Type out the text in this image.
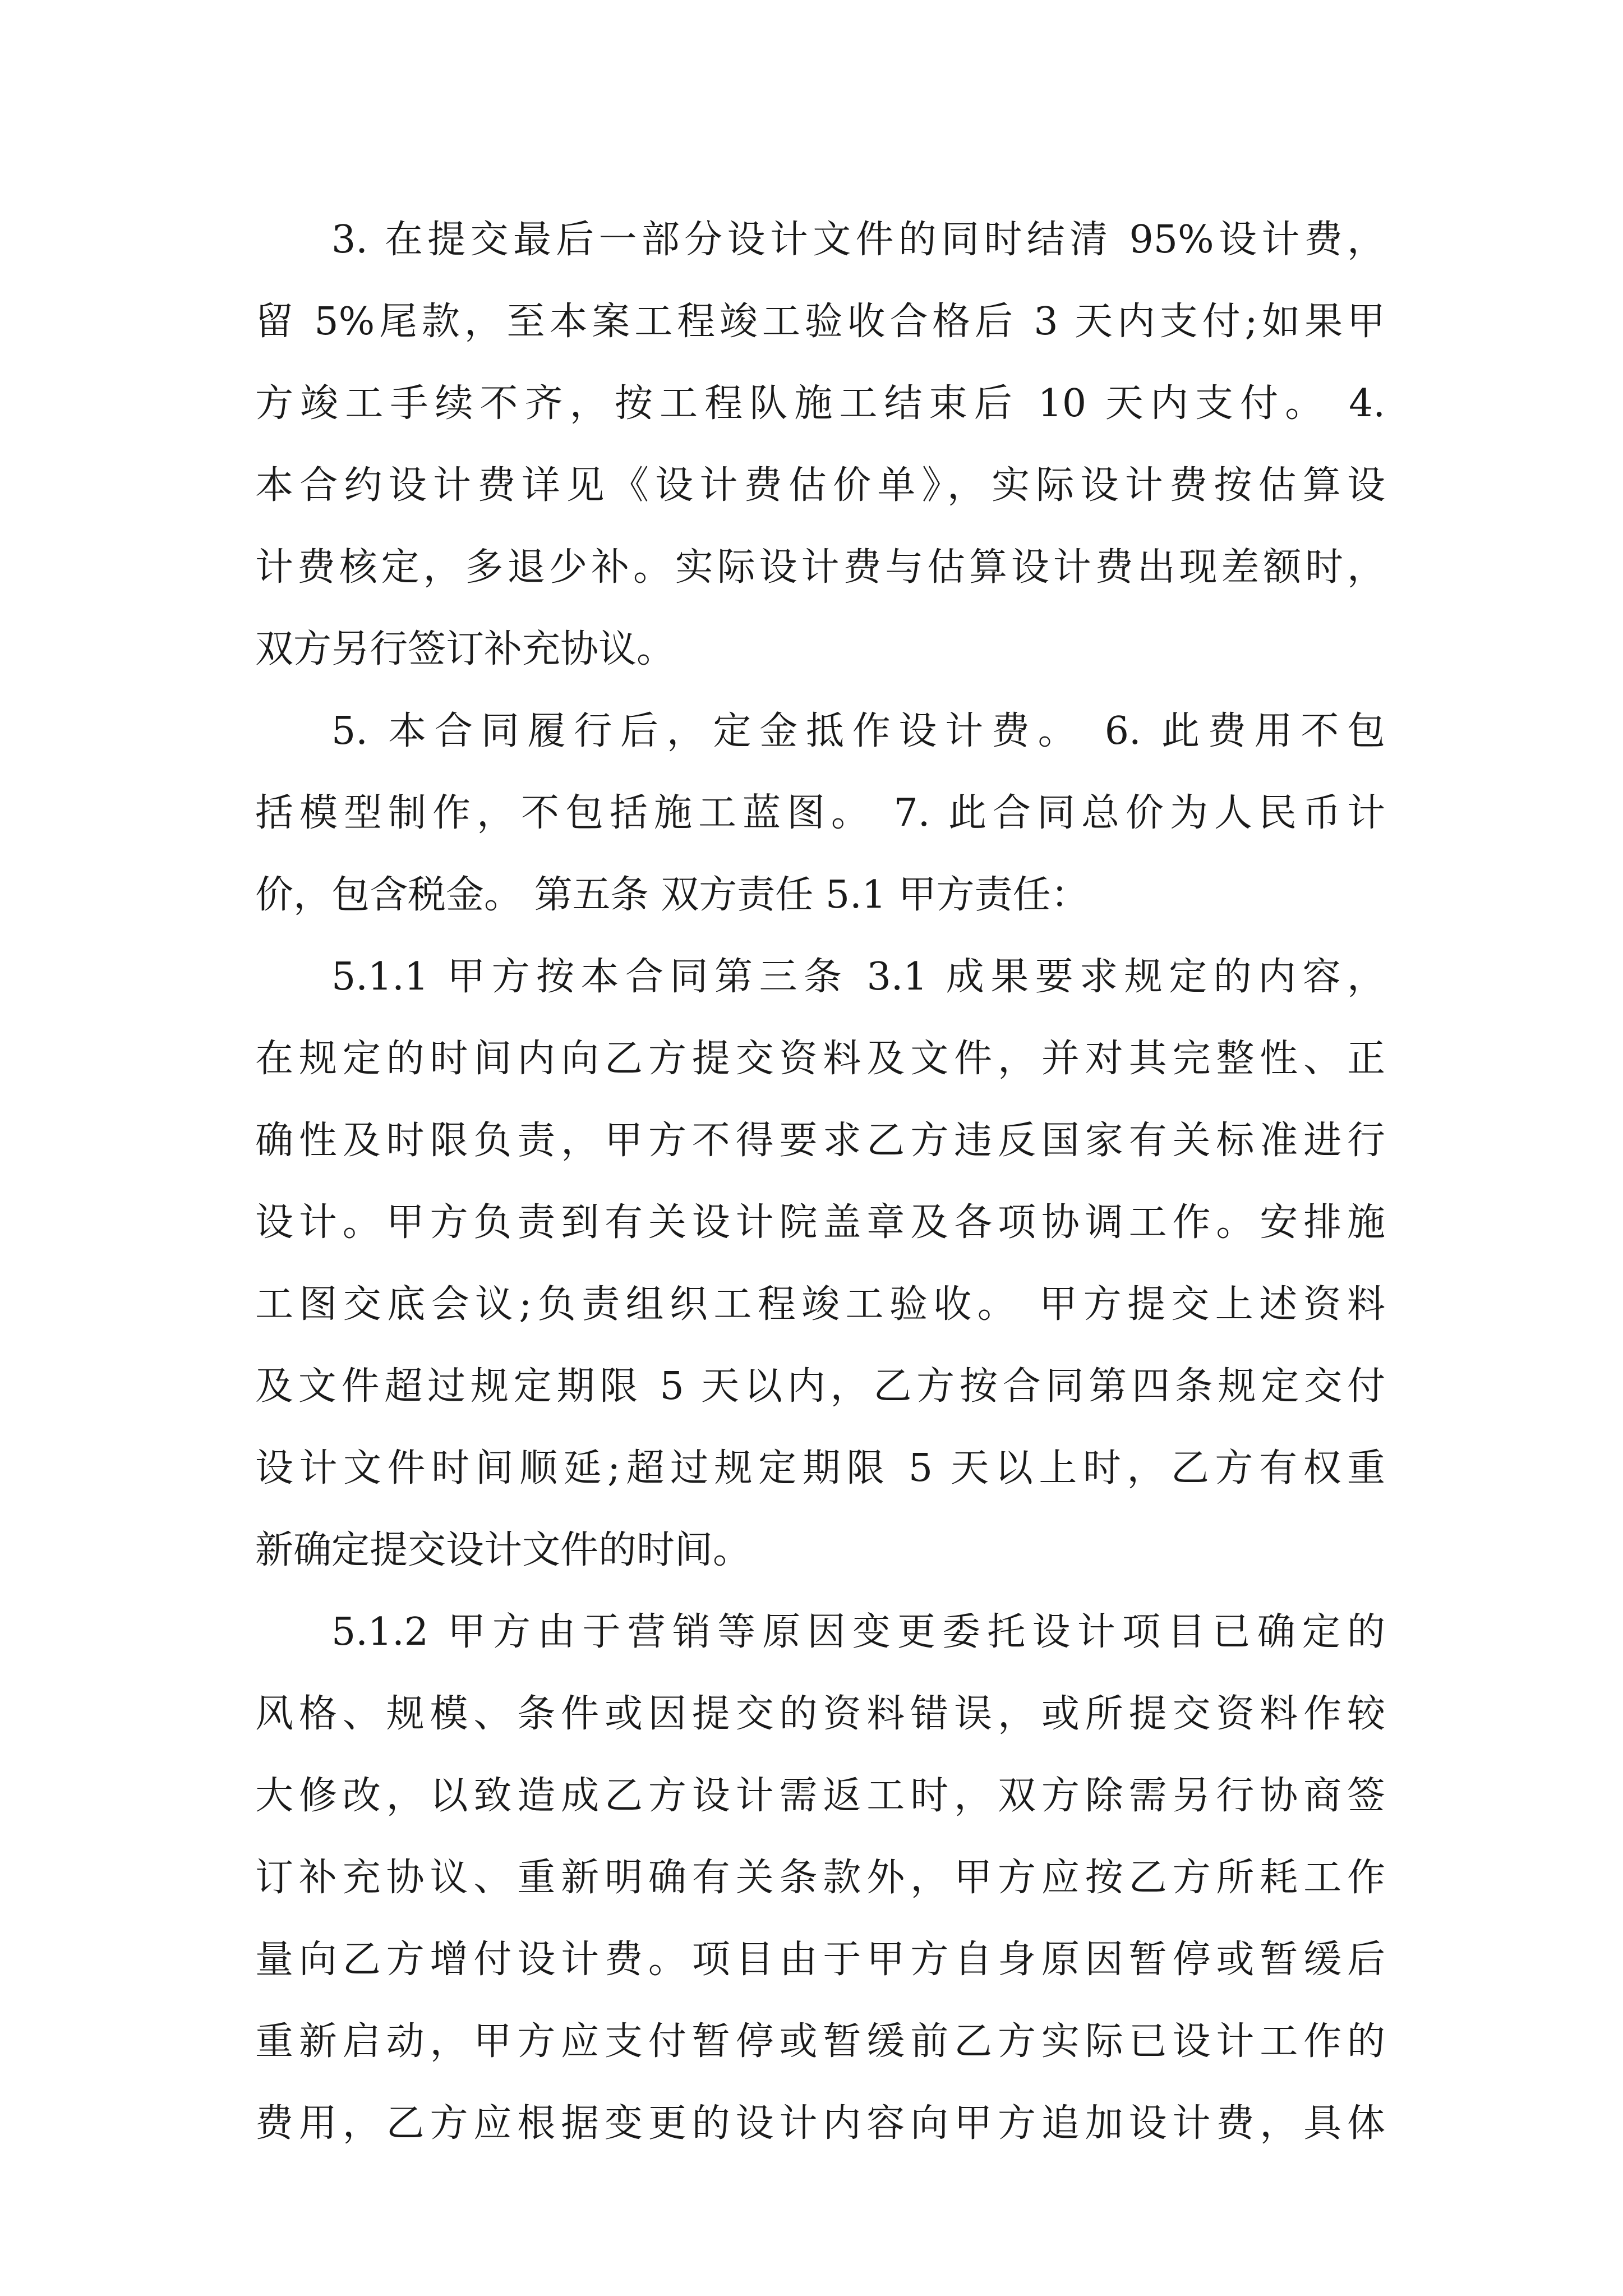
3. 在提交最后一部分设计文件的同时结清 95%设计费，
留 5%尾款，至本案工程竣工验收合格后 3 天内支付;如果甲
方竣工手续不齐，按工程队施工结束后 10 天内支付。 4.
本合约设计费详见《设计费估价单》，实际设计费按估算设
计费核定，多退少补。实际设计费与估算设计费出现差额时，
双方另行签订补充协议。
5. 本合同履行后，定金抵作设计费。 6. 此费用不包
括模型制作，不包括施工蓝图。 7. 此合同总价为人民币计
价，包含税金。 第五条 双方责任 5.1 甲方责任：
5.1.1 甲方按本合同第三条 3.1 成果要求规定的内容，
在规定的时间内向乙方提交资料及文件，并对其完整性、正
确性及时限负责，甲方不得要求乙方违反国家有关标准进行
设计。甲方负责到有关设计院盖章及各项协调工作。安排施
工图交底会议;负责组织工程竣工验收。 甲方提交上述资料
及文件超过规定期限 5 天以内，乙方按合同第四条规定交付
设计文件时间顺延;超过规定期限 5 天以上时，乙方有权重
新确定提交设计文件的时间。
5.1.2 甲方由于营销等原因变更委托设计项目已确定的
风格、规模、条件或因提交的资料错误，或所提交资料作较
大修改，以致造成乙方设计需返工时，双方除需另行协商签
订补充协议、重新明确有关条款外，甲方应按乙方所耗工作
量向乙方增付设计费。项目由于甲方自身原因暂停或暂缓后
重新启动，甲方应支付暂停或暂缓前乙方实际已设计工作的
费用，乙方应根据变更的设计内容向甲方追加设计费，具体
